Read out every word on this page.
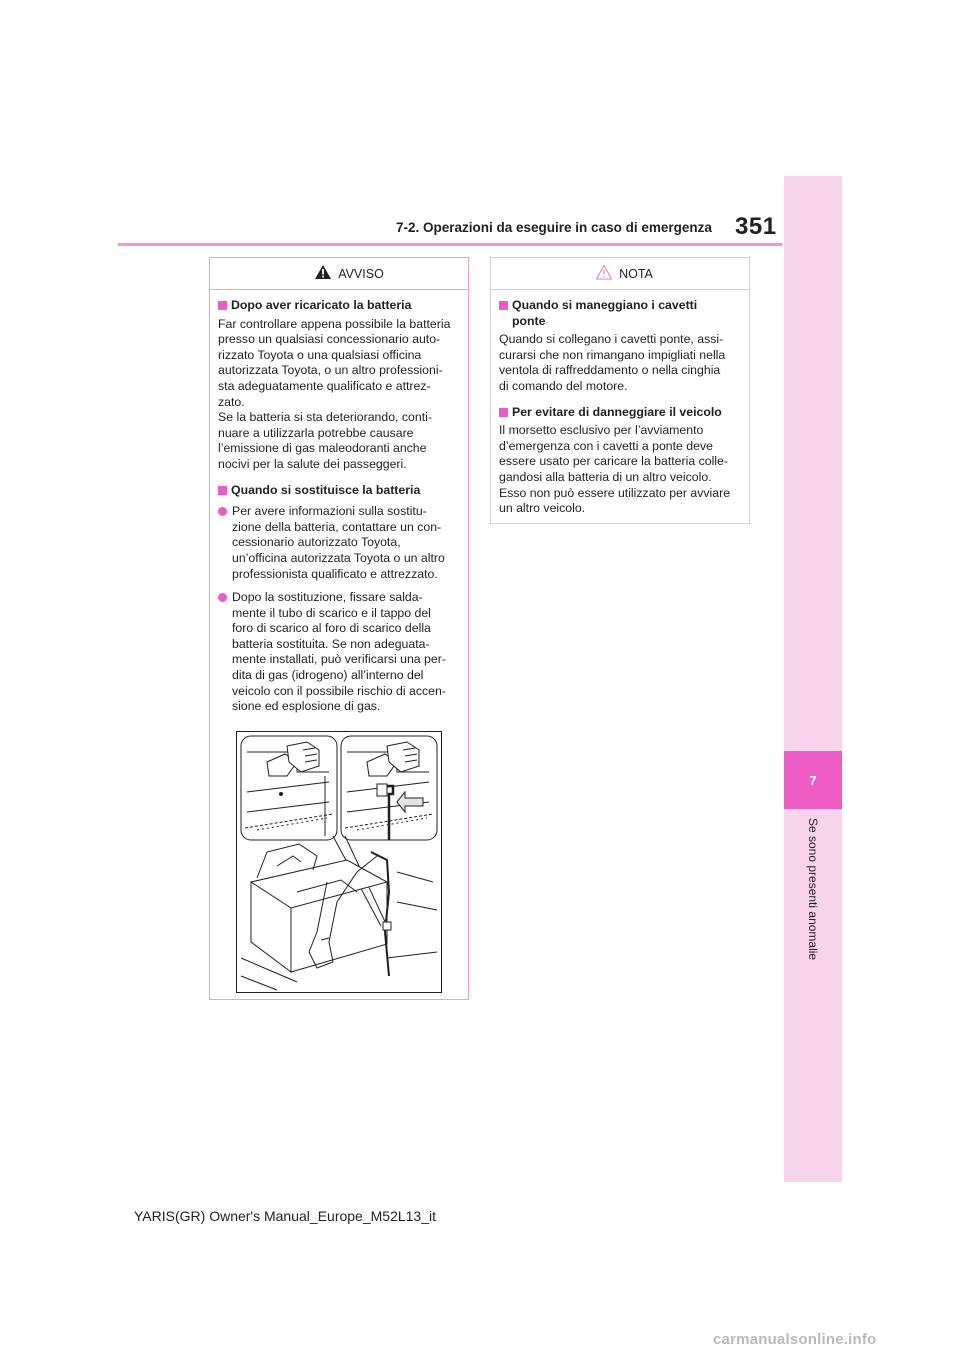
351
7-2. Operazioni da eseguire in caso di emergenza
7
Se sono presenti anomalie
AVVISO
Dopo aver ricaricato la batteria
Far controllare appena possibile la batteria
presso un qualsiasi concessionario auto-
rizzato Toyota o una qualsiasi officina
autorizzata Toyota, o un altro professioni-
sta adeguatamente qualificato e attrez-
zato.
Se la batteria si sta deteriorando, conti-
nuare a utilizzarla potrebbe causare
l’emissione di gas maleodoranti anche
nocivi per la salute dei passeggeri.
Quando si sostituisce la batteria
Per avere informazioni sulla sostitu-
zione della batteria, contattare un con-
cessionario autorizzato Toyota,
un’officina autorizzata Toyota o un altro
professionista qualificato e attrezzato.
Dopo la sostituzione, fissare salda-
mente il tubo di scarico e il tappo del
foro di scarico al foro di scarico della
batteria sostituita. Se non adeguata-
mente installati, può verificarsi una per-
dita di gas (idrogeno) all’interno del
veicolo con il possibile rischio di accen-
sione ed esplosione di gas.
NOTA
Quando si maneggiano i cavetti
ponte
Quando si collegano i cavetti ponte, assi-
curarsi che non rimangano impigliati nella
ventola di raffreddamento o nella cinghia
di comando del motore.
Per evitare di danneggiare il veicolo
Il morsetto esclusivo per l’avviamento
d’emergenza con i cavetti a ponte deve
essere usato per caricare la batteria colle-
gandosi alla batteria di un altro veicolo.
Esso non può essere utilizzato per avviare
un altro veicolo.
YARIS(GR) Owner's Manual_Europe_M52L13_it
carmanualsonline.info
